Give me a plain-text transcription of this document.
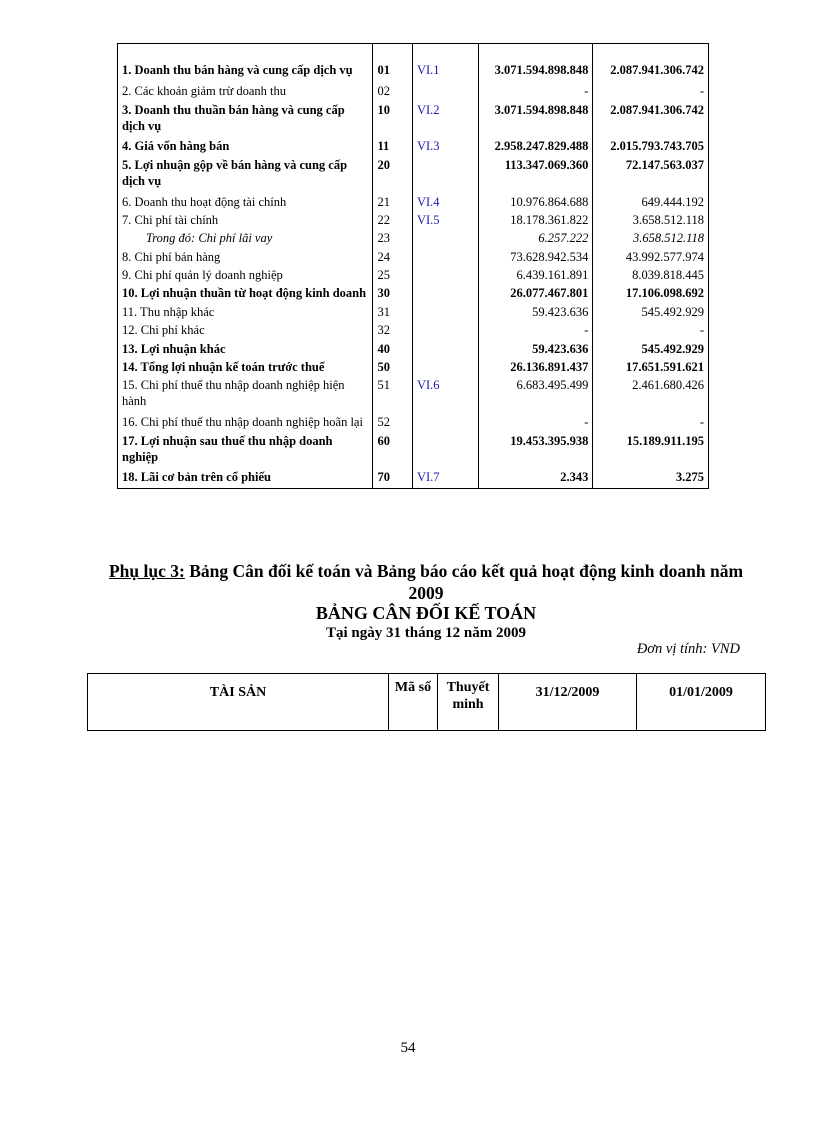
1. Doanh thu bán hàng và cung cấp dịch vụ	01	VI.1	3.071.594.898.848	2.087.941.306.742
2. Các khoản giảm trừ doanh thu	02		-	-
3. Doanh thu thuần bán hàng và cung cấp dịch vụ	10	VI.2	3.071.594.898.848	2.087.941.306.742
4. Giá vốn hàng bán	11	VI.3	2.958.247.829.488	2.015.793.743.705
5. Lợi nhuận gộp về bán hàng và cung cấp dịch vụ	20		113.347.069.360	72.147.563.037
6. Doanh thu hoạt động tài chính	21	VI.4	10.976.864.688	649.444.192
7. Chi phí tài chính	22	VI.5	18.178.361.822	3.658.512.118
Trong đó: Chi phí lãi vay	23		6.257.222	3.658.512.118
8. Chi phí bán hàng	24		73.628.942.534	43.992.577.974
9. Chi phí quản lý doanh nghiệp	25		6.439.161.891	8.039.818.445
10. Lợi nhuận thuần từ hoạt động kinh doanh	30		26.077.467.801	17.106.098.692
11. Thu nhập khác	31		59.423.636	545.492.929
12. Chi phí khác	32		-	-
13. Lợi nhuận khác	40		59.423.636	545.492.929
14. Tổng lợi nhuận kế toán trước thuế	50		26.136.891.437	17.651.591.621
15. Chi phí thuế thu nhập doanh nghiệp hiện hành	51	VI.6	6.683.495.499	2.461.680.426
16. Chi phí thuế thu nhập doanh nghiệp hoãn lại	52		-	-
17. Lợi nhuận sau thuế thu nhập doanh nghiệp	60		19.453.395.938	15.189.911.195
18. Lãi cơ bản trên cổ phiếu	70	VI.7	2.343	3.275

Phụ lục 3: Bảng Cân đối kế toán và Bảng báo cáo kết quả hoạt động kinh doanh năm 2009

BẢNG CÂN ĐỐI KẾ TOÁN

Tại ngày 31 tháng 12 năm 2009

Đơn vị tính: VND

TÀI SẢN	Mã số	Thuyết minh	31/12/2009	01/01/2009

54
